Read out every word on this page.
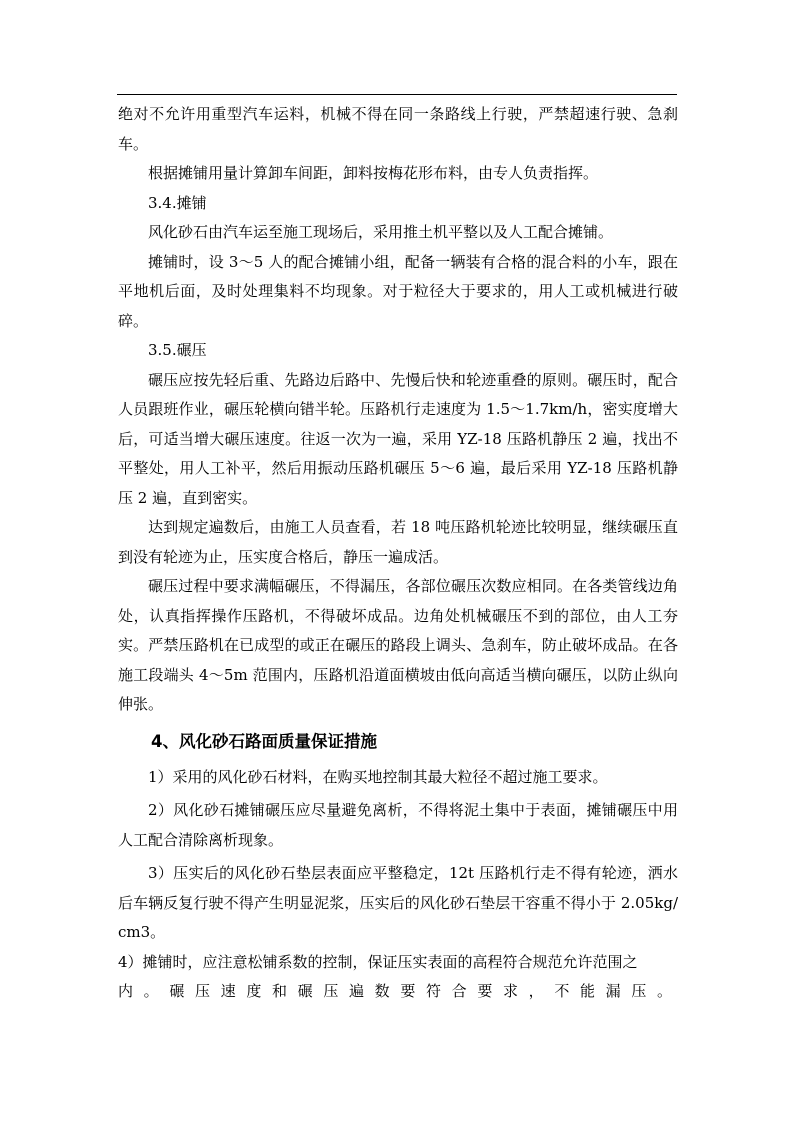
绝对不允许用重型汽车运料，机械不得在同一条路线上行驶，严禁超速行驶、急刹车。

根据摊铺用量计算卸车间距，卸料按梅花形布料，由专人负责指挥。

3.4.摊铺

风化砂石由汽车运至施工现场后，采用推土机平整以及人工配合摊铺。

摊铺时，设 3～5 人的配合摊铺小组，配备一辆装有合格的混合料的小车，跟在平地机后面，及时处理集料不均现象。对于粒径大于要求的，用人工或机械进行破碎。

3.5.碾压

碾压应按先轻后重、先路边后路中、先慢后快和轮迹重叠的原则。碾压时，配合人员跟班作业，碾压轮横向错半轮。压路机行走速度为 1.5～1.7km/h，密实度增大后，可适当增大碾压速度。往返一次为一遍，采用 YZ-18 压路机静压 2 遍，找出不平整处，用人工补平，然后用振动压路机碾压 5～6 遍，最后采用 YZ-18 压路机静压 2 遍，直到密实。

达到规定遍数后，由施工人员查看，若 18 吨压路机轮迹比较明显，继续碾压直到没有轮迹为止，压实度合格后，静压一遍成活。

碾压过程中要求满幅碾压，不得漏压，各部位碾压次数应相同。在各类管线边角处，认真指挥操作压路机，不得破坏成品。边角处机械碾压不到的部位，由人工夯实。严禁压路机在已成型的或正在碾压的路段上调头、急刹车，防止破坏成品。在各施工段端头 4～5m 范围内，压路机沿道面横坡由低向高适当横向碾压，以防止纵向伸张。

4、风化砂石路面质量保证措施

1）采用的风化砂石材料，在购买地控制其最大粒径不超过施工要求。

2）风化砂石摊铺碾压应尽量避免离析，不得将泥土集中于表面，摊铺碾压中用人工配合清除离析现象。

3）压实后的风化砂石垫层表面应平整稳定，12t 压路机行走不得有轮迹，洒水后车辆反复行驶不得产生明显泥浆，压实后的风化砂石垫层干容重不得小于 2.05kg/cm3。

4）摊铺时，应注意松铺系数的控制，保证压实表面的高程符合规范允许范围之

内。碾压速度和碾压遍数要符合要求，不能漏压。
